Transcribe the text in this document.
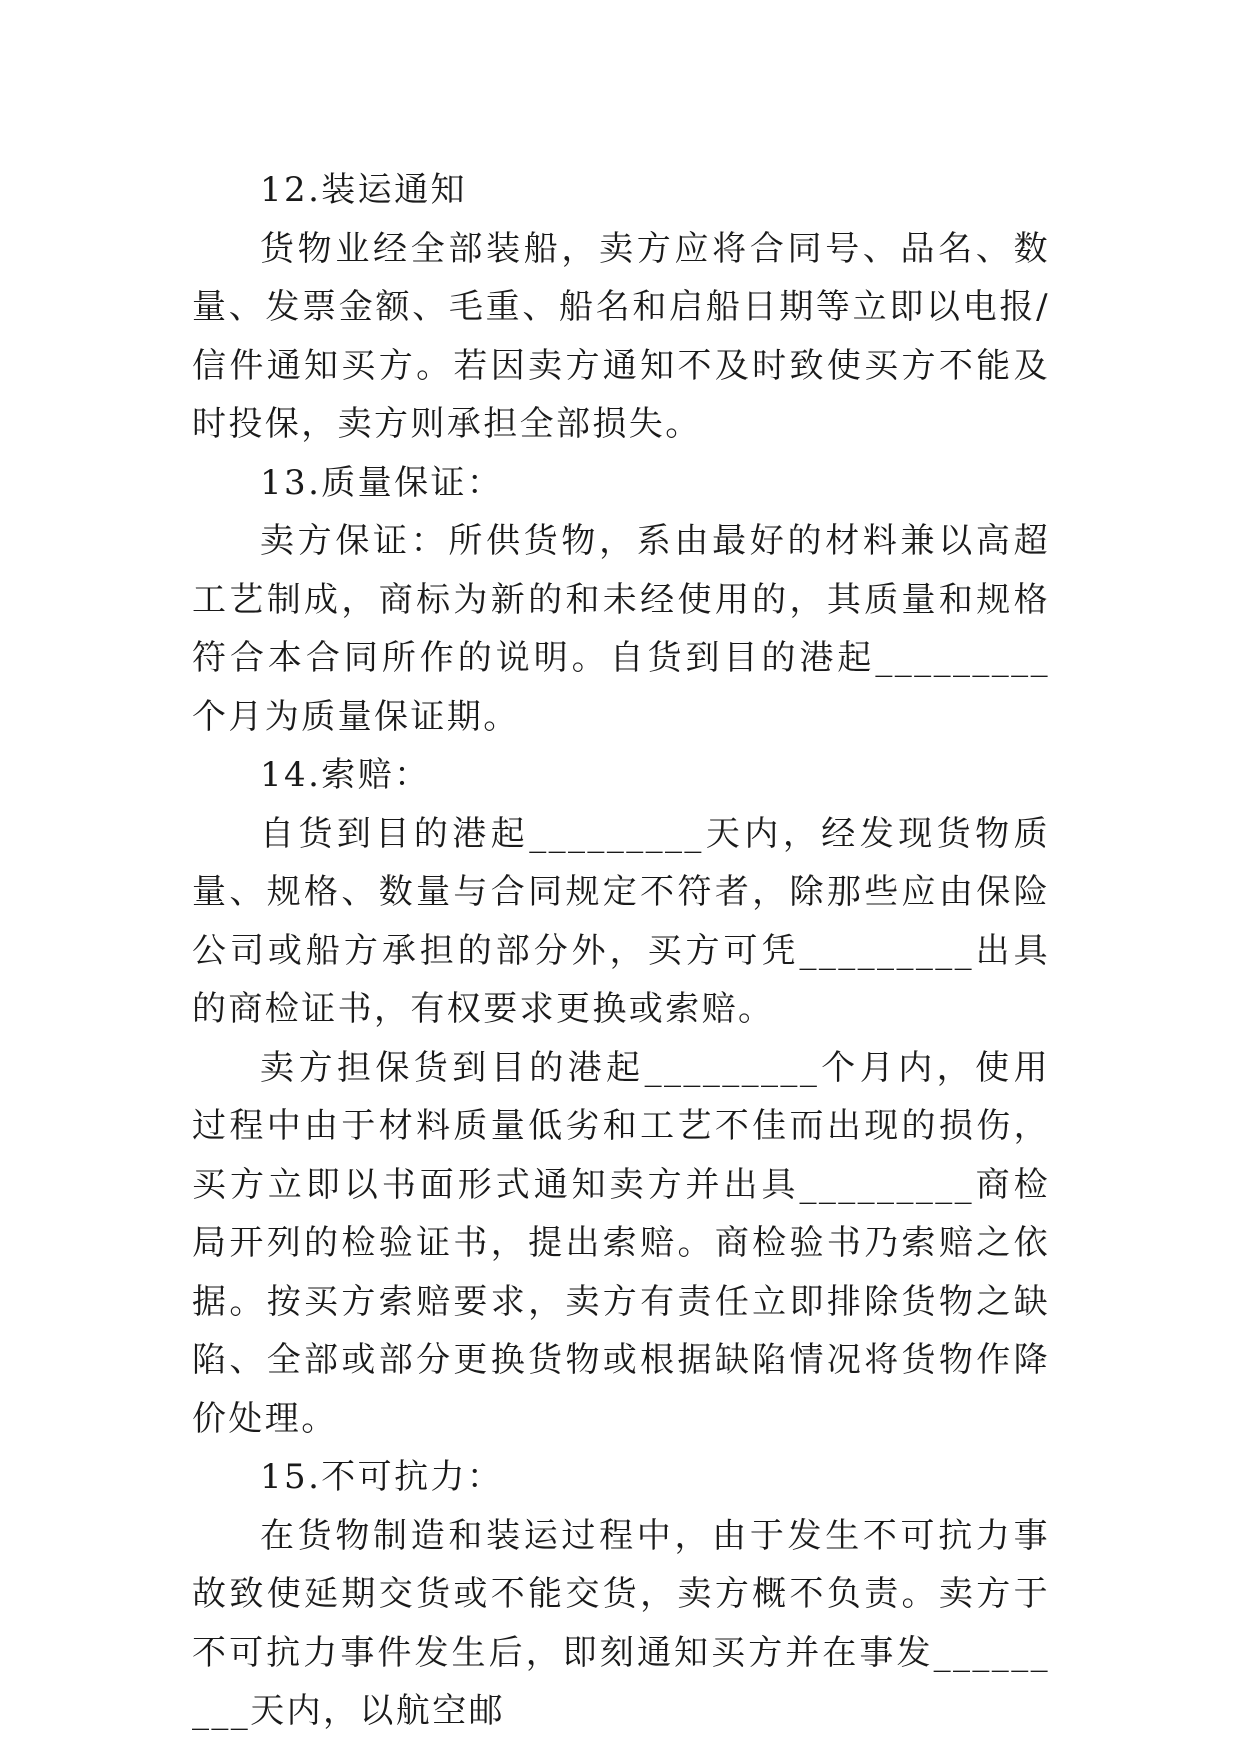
12.装运通知

货物业经全部装船，卖方应将合同号、品名、数量、发票金额、毛重、船名和启船日期等立即以电报/信件通知买方。若因卖方通知不及时致使买方不能及时投保，卖方则承担全部损失。

13.质量保证：

卖方保证：所供货物，系由最好的材料兼以高超工艺制成，商标为新的和未经使用的，其质量和规格符合本合同所作的说明。自货到目的港起_________个月为质量保证期。

14.索赔：

自货到目的港起_________天内，经发现货物质量、规格、数量与合同规定不符者，除那些应由保险公司或船方承担的部分外，买方可凭_________出具的商检证书，有权要求更换或索赔。

卖方担保货到目的港起_________个月内，使用过程中由于材料质量低劣和工艺不佳而出现的损伤，买方立即以书面形式通知卖方并出具_________商检局开列的检验证书，提出索赔。商检验书乃索赔之依据。按买方索赔要求，卖方有责任立即排除货物之缺陷、全部或部分更换货物或根据缺陷情况将货物作降价处理。

15.不可抗力：

在货物制造和装运过程中，由于发生不可抗力事故致使延期交货或不能交货，卖方概不负责。卖方于不可抗力事件发生后，即刻通知买方并在事发_________天内，以航空邮
